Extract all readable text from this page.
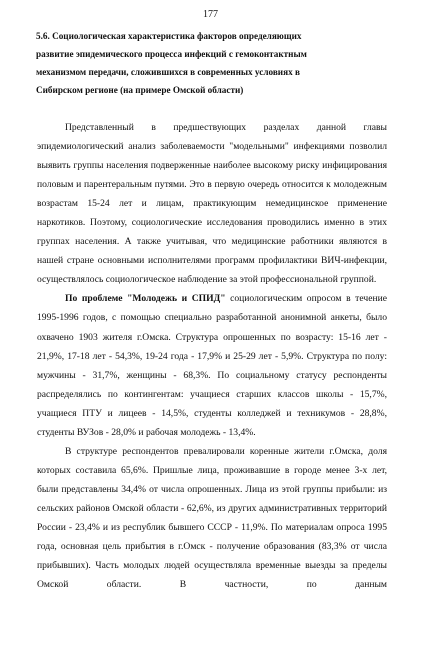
177
5.6. Социологическая характеристика факторов определяющих
развитие эпидемического процесса инфекций с гемоконтактным
механизмом передачи, сложившихся в современных условиях в
Сибирском регионе (на примере Омской области)

Представленный в предшествующих разделах данной главы эпидемиологический анализ заболеваемости "модельными" инфекциями позволил выявить группы населения подверженные наиболее высокому риску инфицирования половым и парентеральным путями. Это в первую очередь относится к молодежным возрастам 15-24 лет и лицам, практикующим немедицинское применение наркотиков. Поэтому, социологические исследования проводились именно в этих группах населения. А также учитывая, что медицинские работники являются в нашей стране основными исполнителями программ профилактики ВИЧ-инфекции, осуществлялось социологическое наблюдение за этой профессиональной группой.

По проблеме "Молодежь и СПИД" социологическим опросом в течение 1995-1996 годов, с помощью специально разработанной анонимной анкеты, было охвачено 1903 жителя г.Омска. Структура опрошенных по возрасту: 15-16 лет - 21,9%, 17-18 лет - 54,3%, 19-24 года - 17,9% и 25-29 лет - 5,9%. Структура по полу: мужчины - 31,7%, женщины - 68,3%. По социальному статусу респонденты распределялись по контингентам: учащиеся старших классов школы - 15,7%, учащиеся ПТУ и лицеев - 14,5%, студенты колледжей и техникумов - 28,8%, студенты ВУЗов - 28,0% и рабочая молодежь - 13,4%.

В структуре респондентов превалировали коренные жители г.Омска, доля которых составила 65,6%. Пришлые лица, проживавшие в городе менее 3-х лет, были представлены 34,4% от числа опрошенных. Лица из этой группы прибыли: из сельских районов Омской области - 62,6%, из других административных территорий России - 23,4% и из республик бывшего СССР - 11,9%. По материалам опроса 1995 года, основная цель прибытия в г.Омск - получение образования (83,3% от числа прибывших). Часть молодых людей осуществляла временные выезды за пределы Омской области. В частности, по данным
